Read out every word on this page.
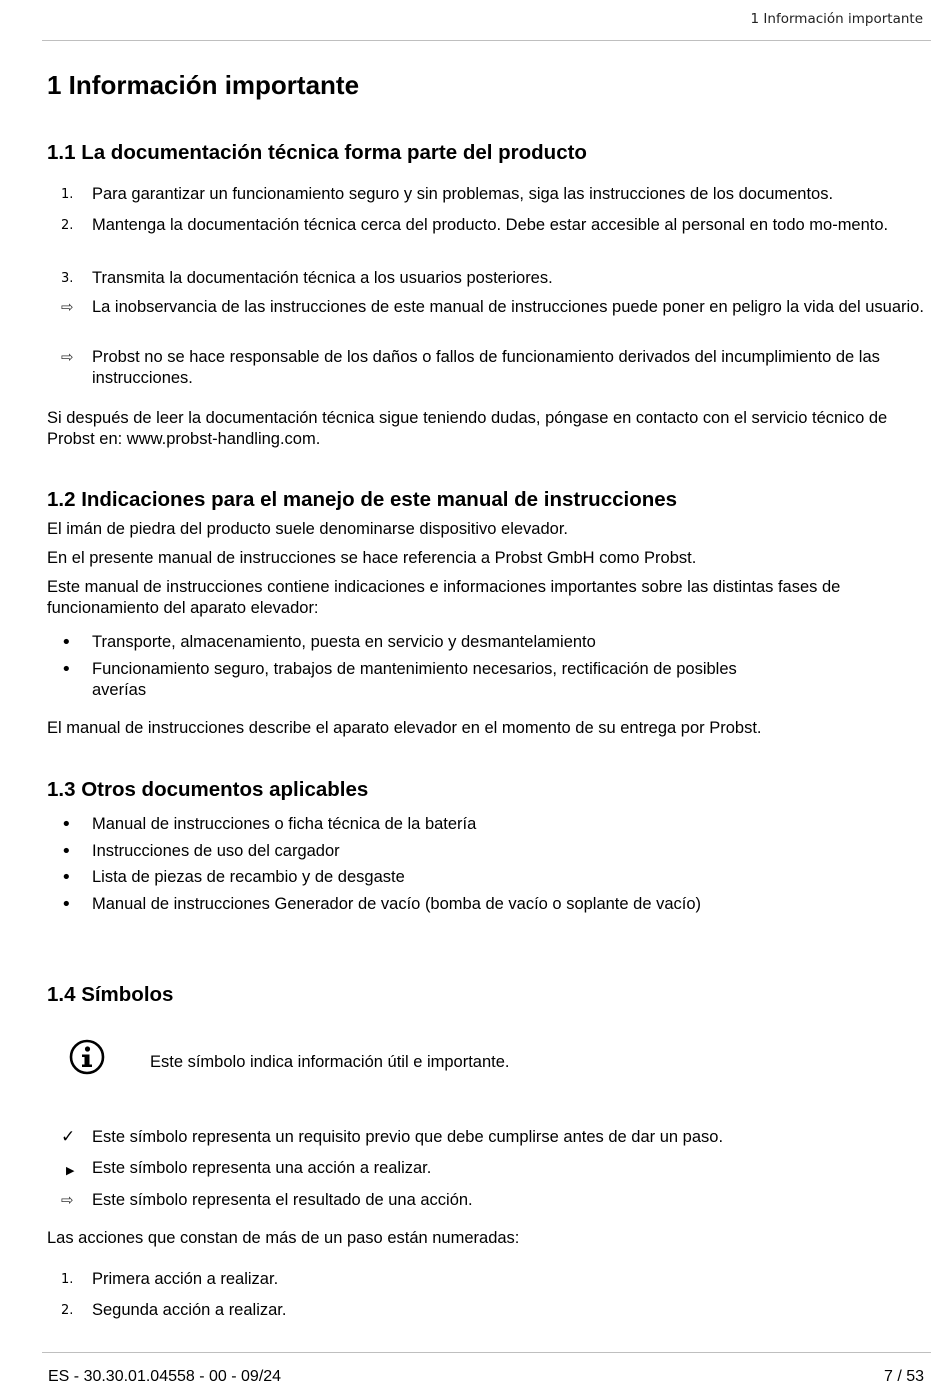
1 Información importante
1 Información importante
1.1 La documentación técnica forma parte del producto
1.	Para garantizar un funcionamiento seguro y sin problemas, siga las instrucciones de los documentos.
2.	Mantenga la documentación técnica cerca del producto. Debe estar accesible al personal en todo mo-mento.
3.	Transmita la documentación técnica a los usuarios posteriores.
⇨	La inobservancia de las instrucciones de este manual de instrucciones puede poner en peligro la vida del usuario.
⇨	Probst no se hace responsable de los daños o fallos de funcionamiento derivados del incumplimiento de las instrucciones.

Si después de leer la documentación técnica sigue teniendo dudas, póngase en contacto con el servicio técnico de Probst en: www.probst-handling.com.

1.2 Indicaciones para el manejo de este manual de instrucciones

El imán de piedra del producto suele denominarse dispositivo elevador.

En el presente manual de instrucciones se hace referencia a Probst GmbH como Probst.

Este manual de instrucciones contiene indicaciones e informaciones importantes sobre las distintas fases de funcionamiento del aparato elevador:

•	Transporte, almacenamiento, puesta en servicio y desmantelamiento
•	Funcionamiento seguro, trabajos de mantenimiento necesarios, rectificación de posibles averías

El manual de instrucciones describe el aparato elevador en el momento de su entrega por Probst.

1.3 Otros documentos aplicables
•	Manual de instrucciones o ficha técnica de la batería
•	Instrucciones de uso del cargador
•	Lista de piezas de recambio y de desgaste
•	Manual de instrucciones Generador de vacío (bomba de vacío o soplante de vacío)
1.4 Símbolos

Este símbolo indica información útil e importante.

✓	Este símbolo representa un requisito previo que debe cumplirse antes de dar un paso.
▶	Este símbolo representa una acción a realizar.
⇨	Este símbolo representa el resultado de una acción.

Las acciones que constan de más de un paso están numeradas:

1.	Primera acción a realizar.
2.	Segunda acción a realizar.
ES - 30.30.01.04558 - 00 - 09/24	7 / 53
